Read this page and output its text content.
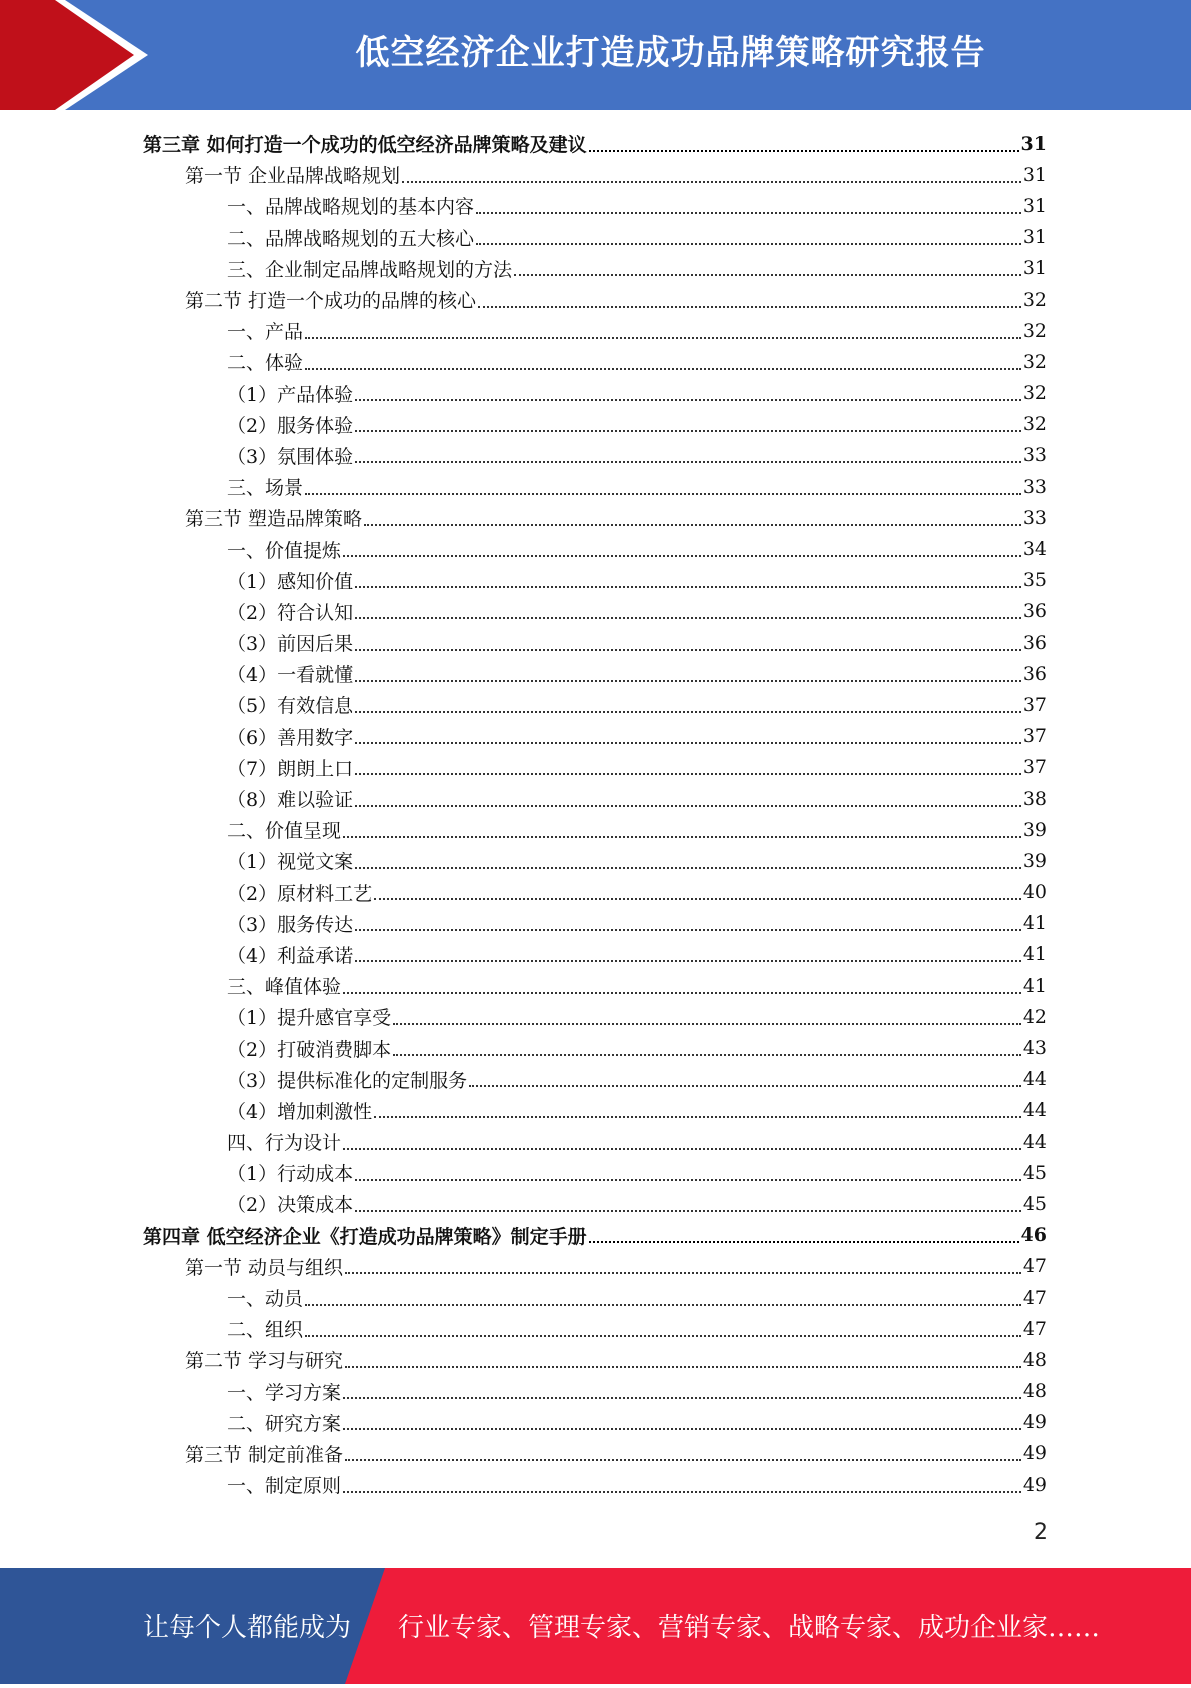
低空经济企业打造成功品牌策略研究报告
第三章 如何打造一个成功的低空经济品牌策略及建议	31
第一节 企业品牌战略规划	31
一、品牌战略规划的基本内容	31
二、品牌战略规划的五大核心	31
三、企业制定品牌战略规划的方法	31
第二节 打造一个成功的品牌的核心	32
一、产品	32
二、体验	32
（1）产品体验	32
（2）服务体验	32
（3）氛围体验	33
三、场景	33
第三节 塑造品牌策略	33
一、价值提炼	34
（1）感知价值	35
（2）符合认知	36
（3）前因后果	36
（4）一看就懂	36
（5）有效信息	37
（6）善用数字	37
（7）朗朗上口	37
（8）难以验证	38
二、价值呈现	39
（1）视觉文案	39
（2）原材料工艺	40
（3）服务传达	41
（4）利益承诺	41
三、峰值体验	41
（1）提升感官享受	42
（2）打破消费脚本	43
（3）提供标准化的定制服务	44
（4）增加刺激性	44
四、行为设计	44
（1）行动成本	45
（2）决策成本	45
第四章 低空经济企业《打造成功品牌策略》制定手册	46
第一节 动员与组织	47
一、动员	47
二、组织	47
第二节 学习与研究	48
一、学习方案	48
二、研究方案	49
第三节 制定前准备	49
一、制定原则	49
2
让每个人都能成为 行业专家、管理专家、营销专家、战略专家、成功企业家……
